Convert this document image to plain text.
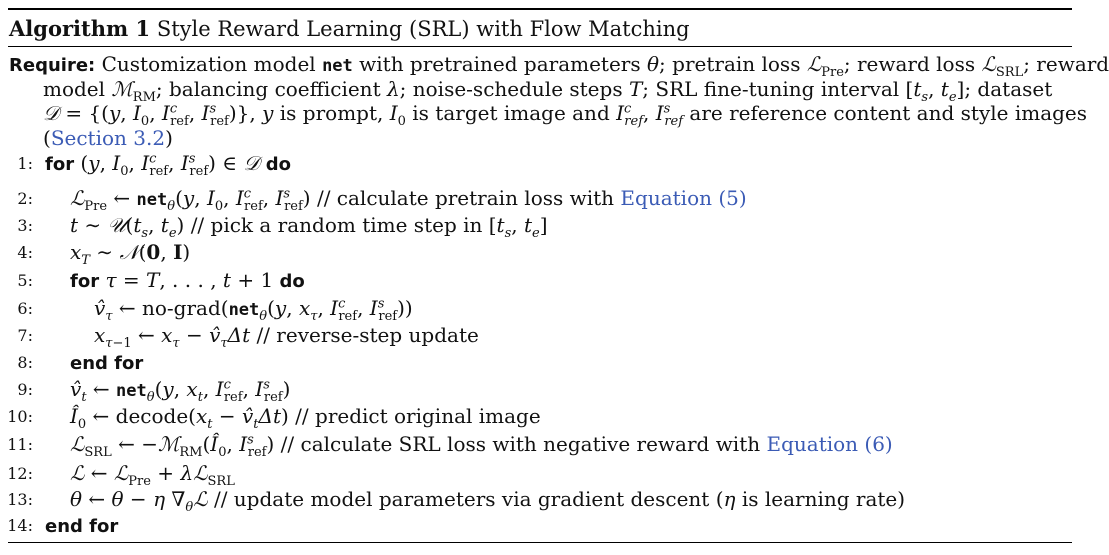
Algorithm 1 Style Reward Learning (SRL) with Flow Matching
Require: Customization model net with pretrained parameters θ; pretrain loss ℒ$_{Pre}$; reward loss ℒ$_{SRL}$; reward
model ℳ$_{RM}$; balancing coefficient λ; noise-schedule steps T; SRL fine-tuning interval [$t_s$, $t_e$]; dataset
𝒟 = {(y, $I_0$, $I^c_{ref}$, $I^s_{ref}$)}, y is prompt, $I_0$ is target image and $I^c_{ref}$, $I^s_{ref}$ are reference content and style images
(Section 3.2)
1: for (y, $I_0$, $I^c_{ref}$, $I^s_{ref}$) ∈ 𝒟 do
2: ℒ$_{Pre}$ ← net$_\theta$(y, $I_0$, $I^c_{ref}$, $I^s_{ref}$) // calculate pretrain loss with Equation (5)
3: t ∼ $𝒰(t_s$, $t_e$) // pick a random time step in [$t_s$, $t_e$]
4: $x_T$ ∼ 𝒩(0, I)
5: for τ = T, . . . , t + 1 do
6:	$v̂_\tau$ ← no-grad(net$_\theta$(y, $x_\tau$, $I^c_{ref}$, $I^s_{ref}$))
7:	$x_{\tau-1}$ ← $x_\tau$ − $v̂_\tau\Delta t$ // reverse-step update
8: end for
9: $v̂_t$ ← net$_\theta$(y, $x_t$, $I^c_{ref}$, $I^s_{ref}$)
10: $Î_0$ ← $decode(x_t$ − $v̂_t\Delta t$) // predict original image
11: ℒ$_{SRL}$ ← $-ℳ_{RM}(Î_0$, $I^s_{ref}$) // calculate SRL loss with negative reward with Equation (6)
12: ℒ ← ℒ$_{Pre}$ + λℒ$_{SRL}$
13: θ ← θ − η $\nabla_\theta ℒ$ // update model parameters via gradient descent (η is learning rate)
14: end for
